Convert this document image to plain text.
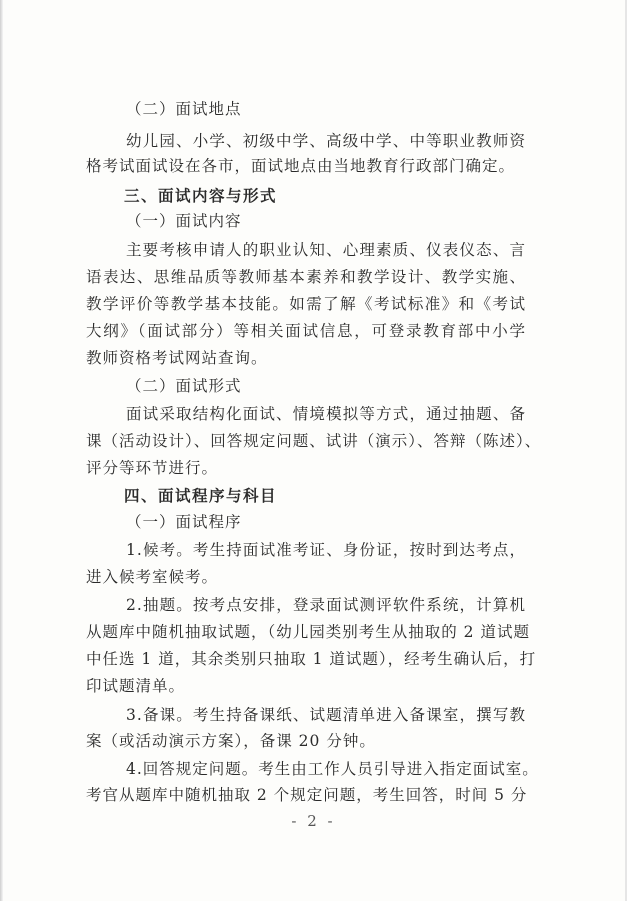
（二）面试地点
幼儿园、小学、初级中学、高级中学、中等职业教师资
格考试面试设在各市，面试地点由当地教育行政部门确定。
三、面试内容与形式
（一）面试内容
主要考核申请人的职业认知、心理素质、仪表仪态、言
语表达、思维品质等教师基本素养和教学设计、教学实施、
教学评价等教学基本技能。如需了解《考试标准》和《考试
大纲》（面试部分）等相关面试信息，可登录教育部中小学
教师资格考试网站查询。
（二）面试形式
面试采取结构化面试、情境模拟等方式，通过抽题、备
课（活动设计）、回答规定问题、试讲（演示）、答辩（陈述）、
评分等环节进行。
四、面试程序与科目
（一）面试程序
1.候考。考生持面试准考证、身份证，按时到达考点，
进入候考室候考。
2.抽题。按考点安排，登录面试测评软件系统，计算机
从题库中随机抽取试题，（幼儿园类别考生从抽取的 2 道试题
中任选 1 道，其余类别只抽取 1 道试题），经考生确认后，打
印试题清单。
3.备课。考生持备课纸、试题清单进入备课室，撰写教
案（或活动演示方案），备课 20 分钟。
4.回答规定问题。考生由工作人员引导进入指定面试室。
考官从题库中随机抽取 2 个规定问题，考生回答，时间 5 分
- 2 -
